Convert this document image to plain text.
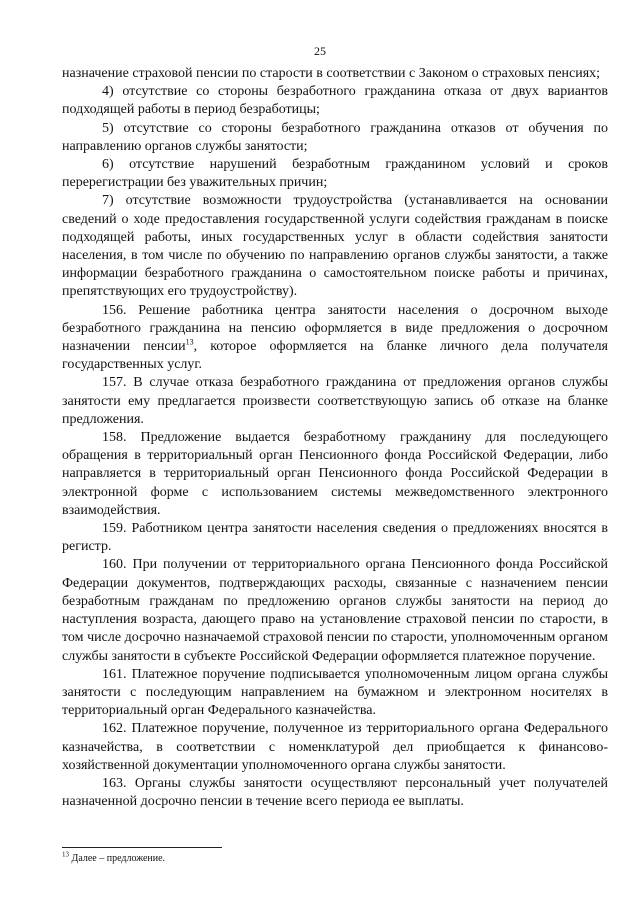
25

назначение страховой пенсии по старости в соответствии с Законом о страховых пенсиях;

4) отсутствие со стороны безработного гражданина отказа от двух вариантов подходящей работы в период безработицы;

5) отсутствие со стороны безработного гражданина отказов от обучения по направлению органов службы занятости;

6) отсутствие нарушений безработным гражданином условий и сроков перерегистрации без уважительных причин;

7) отсутствие возможности трудоустройства (устанавливается на основании сведений о ходе предоставления государственной услуги содействия гражданам в поиске подходящей работы, иных государственных услуг в области содействия занятости населения, в том числе по обучению по направлению органов службы занятости, а также информации безработного гражданина о самостоятельном поиске работы и причинах, препятствующих его трудоустройству).

156. Решение работника центра занятости населения о досрочном выходе безработного гражданина на пенсию оформляется в виде предложения о досрочном назначении пенсии$^{13}$, которое оформляется на бланке личного дела получателя государственных услуг.

157. В случае отказа безработного гражданина от предложения органов службы занятости ему предлагается произвести соответствующую запись об отказе на бланке предложения.

158. Предложение выдается безработному гражданину для последующего обращения в территориальный орган Пенсионного фонда Российской Федерации, либо направляется в территориальный орган Пенсионного фонда Российской Федерации в электронной форме с использованием системы межведомственного электронного взаимодействия.

159. Работником центра занятости населения сведения о предложениях вносятся в регистр.

160. При получении от территориального органа Пенсионного фонда Российской Федерации документов, подтверждающих расходы, связанные с назначением пенсии безработным гражданам по предложению органов службы занятости на период до наступления возраста, дающего право на установление страховой пенсии по старости, в том числе досрочно назначаемой страховой пенсии по старости, уполномоченным органом службы занятости в субъекте Российской Федерации оформляется платежное поручение.

161. Платежное поручение подписывается уполномоченным лицом органа службы занятости с последующим направлением на бумажном и электронном носителях в территориальный орган Федерального казначейства.

162. Платежное поручение, полученное из территориального органа Федерального казначейства, в соответствии с номенклатурой дел приобщается к финансово-хозяйственной документации уполномоченного органа службы занятости.

163. Органы службы занятости осуществляют персональный учет получателей назначенной досрочно пенсии в течение всего периода ее выплаты.

$^{13}$ Далее – предложение.
